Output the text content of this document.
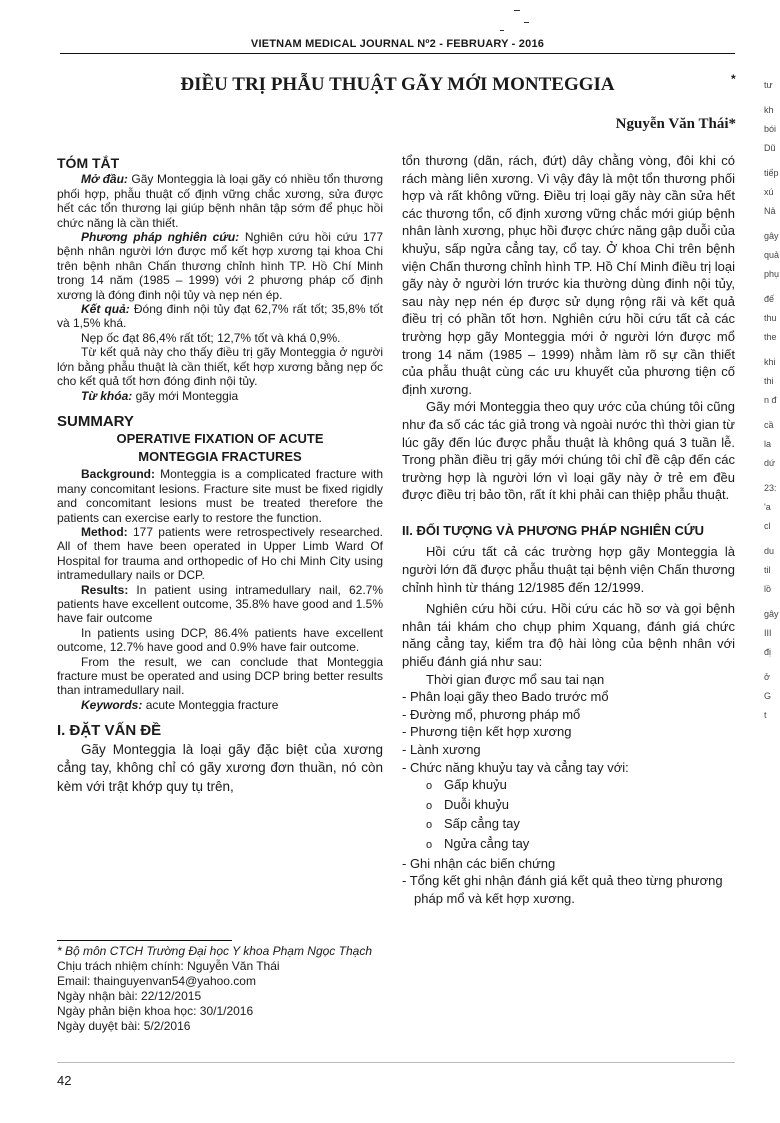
VIETNAM MEDICAL JOURNAL Nº2 - FEBRUARY - 2016
ĐIỀU TRỊ PHẪU THUẬT GÃY MỚI MONTEGGIA	*
Nguyễn Văn Thái*
TÓM TẮT

Mở đầu: Gãy Monteggia là loại gãy có nhiều tổn thương phối hợp, phẫu thuật cố định vững chắc xương, sửa được hết các tổn thương lại giúp bệnh nhân tập sớm để phục hồi chức năng là cần thiết.

Phương pháp nghiên cứu: Nghiên cứu hồi cứu 177 bệnh nhân người lớn được mổ kết hợp xương tại khoa Chi trên bệnh nhân Chấn thương chỉnh hình TP. Hồ Chí Minh trong 14 năm (1985 – 1999) với 2 phương pháp cố định xương là đóng đinh nội tủy và nẹp nén ép.

Kết quả: Đóng đinh nội tủy đạt 62,7% rất tốt; 35,8% tốt và 1,5% khá.

Nẹp ốc đạt 86,4% rất tốt; 12,7% tốt và khá 0,9%.

Từ kết quả này cho thấy điều trị gãy Monteggia ở người lớn bằng phẫu thuật là cần thiết, kết hợp xương bằng nẹp ốc cho kết quả tốt hơn đóng đinh nội tủy.

Từ khóa: gãy mới Monteggia

SUMMARY
OPERATIVE FIXATION OF ACUTE
MONTEGGIA FRACTURES

Background: Monteggia is a complicated fracture with many concomitant lesions. Fracture site must be fixed rigidly and concomitant lesions must be treated therefore the patients can exercise early to restore the function.

Method: 177 patients were retrospectively researched. All of them have been operated in Upper Limb Ward Of Hospital for trauma and orthopedic of Ho chi Minh City using intramedullary nails or DCP.

Results: In patient using intramedullary nail, 62.7% patients have excellent outcome, 35.8% have good and 1.5% have fair outcome

In patients using DCP, 86.4% patients have excellent outcome, 12.7% have good and 0.9% have fair outcome.

From the result, we can conclude that Monteggia fracture must be operated and using DCP bring better results than intramedullary nail.

Keywords: acute Monteggia fracture

I. ĐẶT VẤN ĐỀ

Gãy Monteggia là loại gãy đặc biệt của xương cẳng tay, không chỉ có gãy xương đơn thuần, nó còn kèm với trật khớp quy tụ trên,

tổn thương (dãn, rách, đứt) dây chằng vòng, đôi khi có rách màng liên xương. Vì vậy đây là một tổn thương phối hợp và rất không vững. Điều trị loại gãy này cần sửa hết các thương tổn, cố định xương vững chắc mới giúp bệnh nhân lành xương, phục hồi được chức năng gập duỗi của khuỷu, sấp ngửa cẳng tay, cổ tay. Ở khoa Chi trên bệnh viện Chấn thương chỉnh hình TP. Hồ Chí Minh điều trị loại gãy này ở người lớn trước kia thường dùng đinh nội tủy, sau này nẹp nén ép được sử dụng rộng rãi và kết quả điều trị có phần tốt hơn. Nghiên cứu hồi cứu tất cả các trường hợp gãy Monteggia mới ở người lớn được mổ trong 14 năm (1985 – 1999) nhằm làm rõ sự cần thiết của phẫu thuật cùng các ưu khuyết của phương tiện cố định xương.

Gãy mới Monteggia theo quy ước của chúng tôi cũng như đa số các tác giả trong và ngoài nước thì thời gian từ lúc gãy đến lúc được phẫu thuật là không quá 3 tuần lễ. Trong phần điều trị gãy mới chúng tôi chỉ đề cập đến các trường hợp là người lớn vì loại gãy này ở trẻ em đều được điều trị bảo tồn, rất ít khi phải can thiệp phẫu thuật.

II. ĐỐI TƯỢNG VÀ PHƯƠNG PHÁP NGHIÊN CỨU

Hồi cứu tất cả các trường hợp gãy Monteggia là người lớn đã được phẫu thuật tại bệnh viện Chấn thương chỉnh hình từ tháng 12/1985 đến 12/1999.

Nghiên cứu hồi cứu. Hồi cứu các hồ sơ và gọi bệnh nhân tái khám cho chụp phim Xquang, đánh giá chức năng cẳng tay, kiểm tra độ hài lòng của bệnh nhân với phiếu đánh giá như sau:

Thời gian được mổ sau tai nạn

- Phân loại gãy theo Bado trước mổ
- Đường mổ, phương pháp mổ
- Phương tiện kết hợp xương
- Lành xương
- Chức năng khuỷu tay và cẳng tay với:
o Gấp khuỷu
o Duỗi khuỷu
o Sấp cẳng tay
o Ngửa cẳng tay
- Ghi nhận các biến chứng
- Tổng kết ghi nhận đánh giá kết quả theo từng phương pháp mổ và kết hợp xương.
* Bộ môn CTCH Trường Đại học Y khoa Phạm Ngọc Thạch
Chịu trách nhiệm chính: Nguyễn Văn Thái
Email: thainguyenvan54@yahoo.com
Ngày nhận bài: 22/12/2015
Ngày phản biện khoa học: 30/1/2016
Ngày duyệt bài: 5/2/2016
42
tư
kh
bói
Dũ
tiếp
xú
Nả
gây
quả
phụ
đế
thu
the
khi
thi
n đ
cầ
la
dứ
23:
'a
cl
du
til
lồ
gây
III
đị
ở
G
t
